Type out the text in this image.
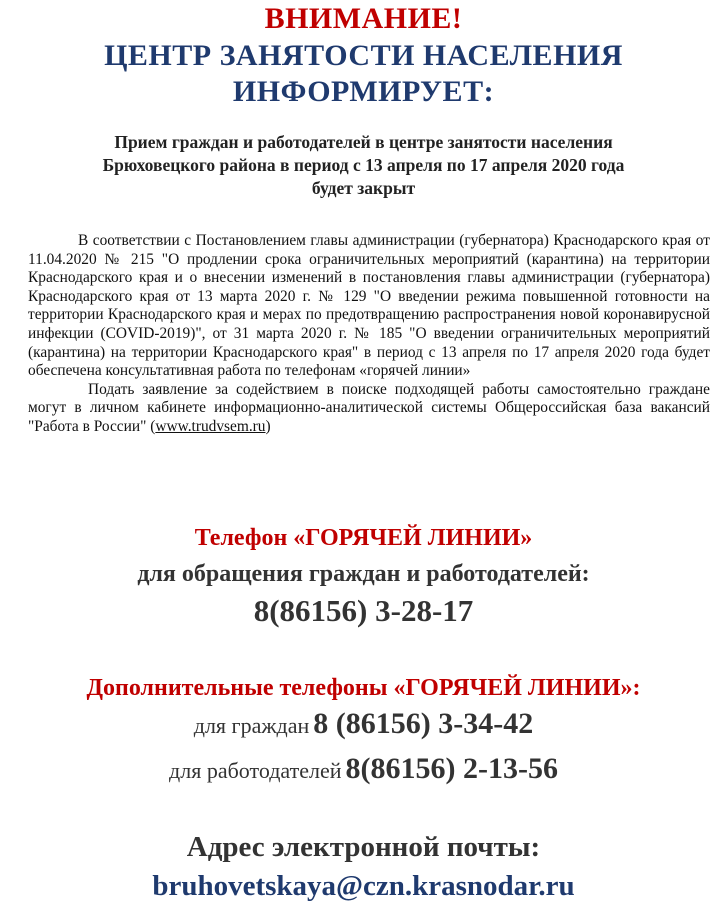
ВНИМАНИЕ!
ЦЕНТР ЗАНЯТОСТИ НАСЕЛЕНИЯ
ИНФОРМИРУЕТ:
Прием граждан и работодателей в центре занятости населения
Брюховецкого района в период с 13 апреля по 17 апреля 2020 года
будет закрыт

В соответствии с Постановлением главы администрации (губернатора) Краснодарского края от 11.04.2020 № 215 "О продлении срока ограничительных мероприятий (карантина) на территории Краснодарского края и о внесении изменений в постановления главы администрации (губернатора) Краснодарского края от 13 марта 2020 г. № 129 "О введении режима повышенной готовности на территории Краснодарского края и мерах по предотвращению распространения новой коронавирусной инфекции (COVID-2019)", от 31 марта 2020 г. № 185 "О введении ограничительных мероприятий (карантина) на территории Краснодарского края" в период с 13 апреля по 17 апреля 2020 года будет обеспечена консультативная работа по телефонам «горячей линии»

Подать заявление за содействием в поиске подходящей работы самостоятельно граждане могут в личном кабинете информационно-аналитической системы Общероссийская база вакансий "Работа в России" (www.trudvsem.ru)

Телефон «ГОРЯЧЕЙ ЛИНИИ»
для обращения граждан и работодателей:
8(86156) 3-28-17
Дополнительные телефоны «ГОРЯЧЕЙ ЛИНИИ»:
для граждан 8 (86156) 3-34-42
для работодателей 8(86156) 2-13-56
Адрес электронной почты:
bruhovetskaya@czn.krasnodar.ru
